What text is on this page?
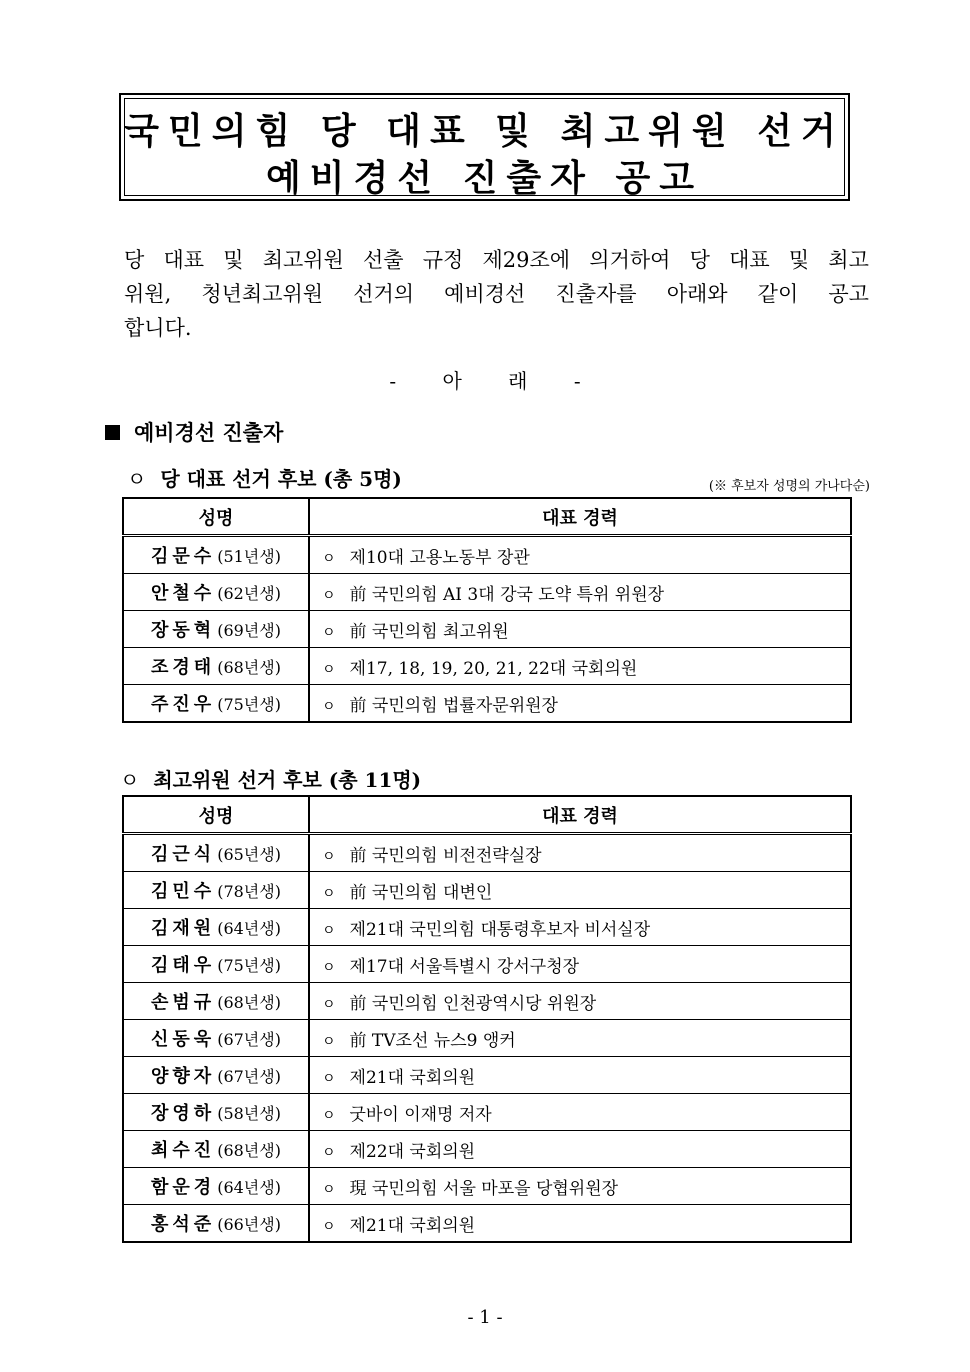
국민의힘 당 대표 및 최고위원 선거
예비경선 진출자 공고
당 대표 및 최고위원 선출 규정 제29조에 의거하여 당 대표 및 최고
위원, 청년최고위원 선거의 예비경선 진출자를 아래와 같이 공고
합니다.
- 아 래 -
예비경선 진출자
ㅇ 당 대표 선거 후보 (총 5명)	(※ 후보자 성명의 가나다순)
성명	대표 경력
김문수 (51년생)	ㅇ 제10대 고용노동부 장관
안철수 (62년생)	ㅇ 前 국민의힘 AI 3대 강국 도약 특위 위원장
장동혁 (69년생)	ㅇ 前 국민의힘 최고위원
조경태 (68년생)	ㅇ 제17, 18, 19, 20, 21, 22대 국회의원
주진우 (75년생)	ㅇ 前 국민의힘 법률자문위원장
ㅇ 최고위원 선거 후보 (총 11명)
성명	대표 경력
김근식 (65년생)	ㅇ 前 국민의힘 비전전략실장
김민수 (78년생)	ㅇ 前 국민의힘 대변인
김재원 (64년생)	ㅇ 제21대 국민의힘 대통령후보자 비서실장
김태우 (75년생)	ㅇ 제17대 서울특별시 강서구청장
손범규 (68년생)	ㅇ 前 국민의힘 인천광역시당 위원장
신동욱 (67년생)	ㅇ 前 TV조선 뉴스9 앵커
양향자 (67년생)	ㅇ 제21대 국회의원
장영하 (58년생)	ㅇ 굿바이 이재명 저자
최수진 (68년생)	ㅇ 제22대 국회의원
함운경 (64년생)	ㅇ 現 국민의힘 서울 마포을 당협위원장
홍석준 (66년생)	ㅇ 제21대 국회의원
- 1 -
